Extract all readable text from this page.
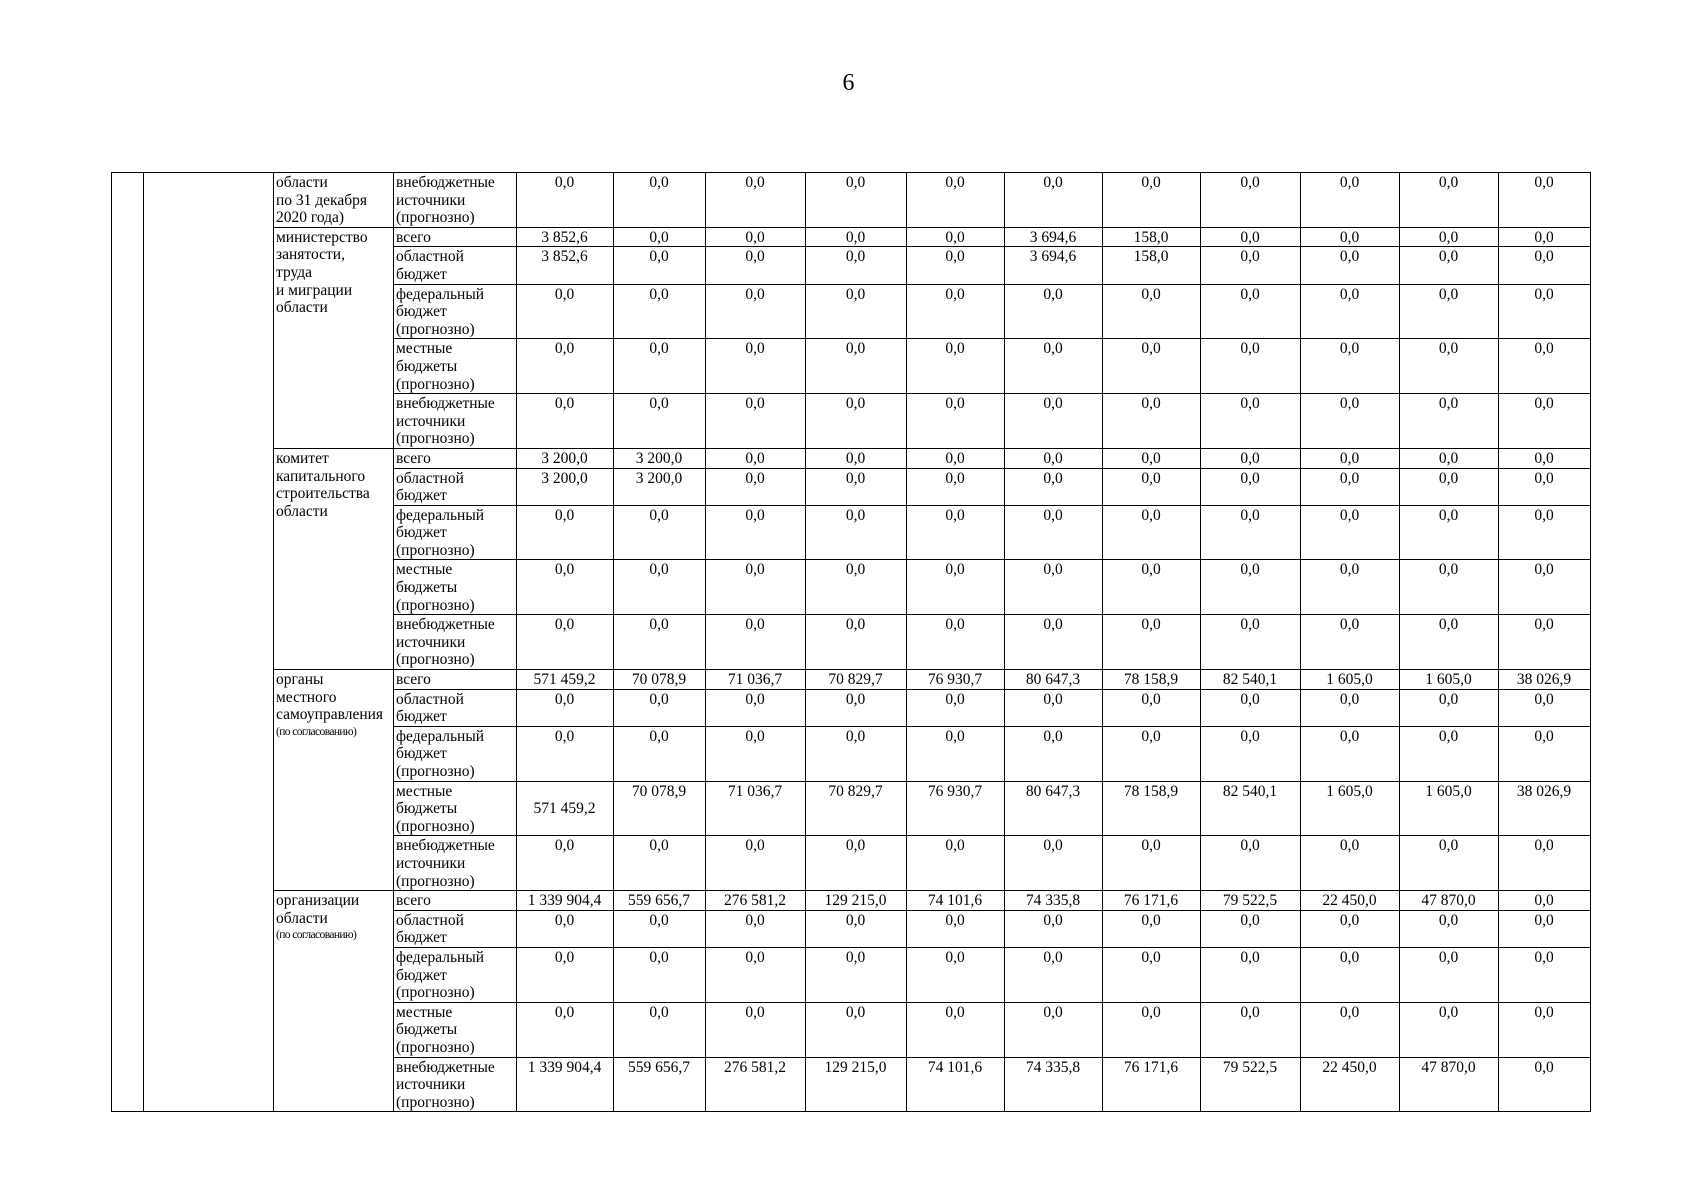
6
		области
по 31 декабря
2020 года)	внебюджетные
источники
(прогнозно)	0,0	0,0	0,0	0,0	0,0	0,0	0,0	0,0	0,0	0,0	0,0
		министерство
занятости,
труда
и миграции
области	всего	3 852,6	0,0	0,0	0,0	0,0	3 694,6	158,0	0,0	0,0	0,0	0,0
			областной
бюджет	3 852,6	0,0	0,0	0,0	0,0	3 694,6	158,0	0,0	0,0	0,0	0,0
			федеральный
бюджет
(прогнозно)	0,0	0,0	0,0	0,0	0,0	0,0	0,0	0,0	0,0	0,0	0,0
			местные
бюджеты
(прогнозно)	0,0	0,0	0,0	0,0	0,0	0,0	0,0	0,0	0,0	0,0	0,0
			внебюджетные
источники
(прогнозно)	0,0	0,0	0,0	0,0	0,0	0,0	0,0	0,0	0,0	0,0	0,0
		комитет
капитального
строительства
области	всего	3 200,0	3 200,0	0,0	0,0	0,0	0,0	0,0	0,0	0,0	0,0	0,0
			областной
бюджет	3 200,0	3 200,0	0,0	0,0	0,0	0,0	0,0	0,0	0,0	0,0	0,0
			федеральный
бюджет
(прогнозно)	0,0	0,0	0,0	0,0	0,0	0,0	0,0	0,0	0,0	0,0	0,0
			местные
бюджеты
(прогнозно)	0,0	0,0	0,0	0,0	0,0	0,0	0,0	0,0	0,0	0,0	0,0
			внебюджетные
источники
(прогнозно)	0,0	0,0	0,0	0,0	0,0	0,0	0,0	0,0	0,0	0,0	0,0
		органы
местного
самоуправления
(по согласованию)	всего	571 459,2	70 078,9	71 036,7	70 829,7	76 930,7	80 647,3	78 158,9	82 540,1	1 605,0	1 605,0	38 026,9
			областной
бюджет	0,0	0,0	0,0	0,0	0,0	0,0	0,0	0,0	0,0	0,0	0,0
			федеральный
бюджет
(прогнозно)	0,0	0,0	0,0	0,0	0,0	0,0	0,0	0,0	0,0	0,0	0,0
			местные
бюджеты
(прогнозно)	571 459,2	70 078,9	71 036,7	70 829,7	76 930,7	80 647,3	78 158,9	82 540,1	1 605,0	1 605,0	38 026,9
			внебюджетные
источники
(прогнозно)	0,0	0,0	0,0	0,0	0,0	0,0	0,0	0,0	0,0	0,0	0,0
		организации
области
(по согласованию)	всего	1 339 904,4	559 656,7	276 581,2	129 215,0	74 101,6	74 335,8	76 171,6	79 522,5	22 450,0	47 870,0	0,0
			областной
бюджет	0,0	0,0	0,0	0,0	0,0	0,0	0,0	0,0	0,0	0,0	0,0
			федеральный
бюджет
(прогнозно)	0,0	0,0	0,0	0,0	0,0	0,0	0,0	0,0	0,0	0,0	0,0
			местные
бюджеты
(прогнозно)	0,0	0,0	0,0	0,0	0,0	0,0	0,0	0,0	0,0	0,0	0,0
			внебюджетные
источники
(прогнозно)	1 339 904,4	559 656,7	276 581,2	129 215,0	74 101,6	74 335,8	76 171,6	79 522,5	22 450,0	47 870,0	0,0
